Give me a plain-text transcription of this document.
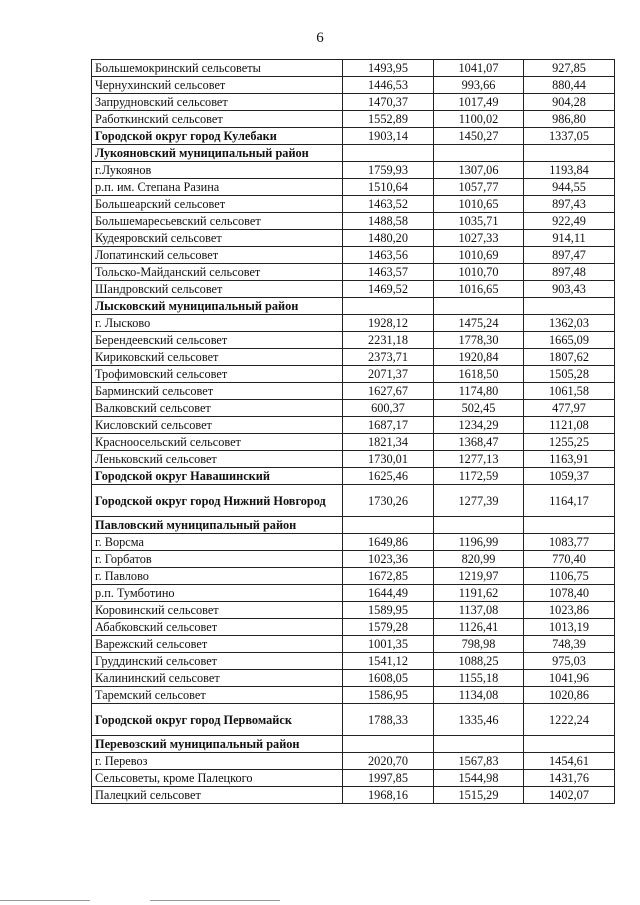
6
Большемокринский сельсоветы	1493,95	1041,07	927,85
Чернухинский сельсовет	1446,53	993,66	880,44
Запрудновский сельсовет	1470,37	1017,49	904,28
Работкинский сельсовет	1552,89	1100,02	986,80
Городской округ город Кулебаки	1903,14	1450,27	1337,05
Лукояновский муниципальный район			
г.Лукоянов	1759,93	1307,06	1193,84
р.п. им. Степана Разина	1510,64	1057,77	944,55
Большеарский сельсовет	1463,52	1010,65	897,43
Большемаресьевский сельсовет	1488,58	1035,71	922,49
Кудеяровский сельсовет	1480,20	1027,33	914,11
Лопатинский сельсовет	1463,56	1010,69	897,47
Тольско-Майданский сельсовет	1463,57	1010,70	897,48
Шандровский сельсовет	1469,52	1016,65	903,43
Лысковский муниципальный район			
г. Лысково	1928,12	1475,24	1362,03
Берендеевский сельсовет	2231,18	1778,30	1665,09
Кириковский сельсовет	2373,71	1920,84	1807,62
Трофимовский сельсовет	2071,37	1618,50	1505,28
Барминский сельсовет	1627,67	1174,80	1061,58
Валковский сельсовет	600,37	502,45	477,97
Кисловский сельсовет	1687,17	1234,29	1121,08
Красноосельский сельсовет	1821,34	1368,47	1255,25
Леньковский сельсовет	1730,01	1277,13	1163,91
Городской округ Навашинский	1625,46	1172,59	1059,37
Городской округ город Нижний Новгород	1730,26	1277,39	1164,17
Павловский муниципальный район			
г. Ворсма	1649,86	1196,99	1083,77
г. Горбатов	1023,36	820,99	770,40
г. Павлово	1672,85	1219,97	1106,75
р.п. Тумботино	1644,49	1191,62	1078,40
Коровинский сельсовет	1589,95	1137,08	1023,86
Абабковский сельсовет	1579,28	1126,41	1013,19
Варежский сельсовет	1001,35	798,98	748,39
Груддинский сельсовет	1541,12	1088,25	975,03
Калининский сельсовет	1608,05	1155,18	1041,96
Таремский сельсовет	1586,95	1134,08	1020,86
Городской округ город Первомайск	1788,33	1335,46	1222,24
Перевозский муниципальный район			
г. Перевоз	2020,70	1567,83	1454,61
Сельсоветы, кроме Палецкого	1997,85	1544,98	1431,76
Палецкий сельсовет	1968,16	1515,29	1402,07
